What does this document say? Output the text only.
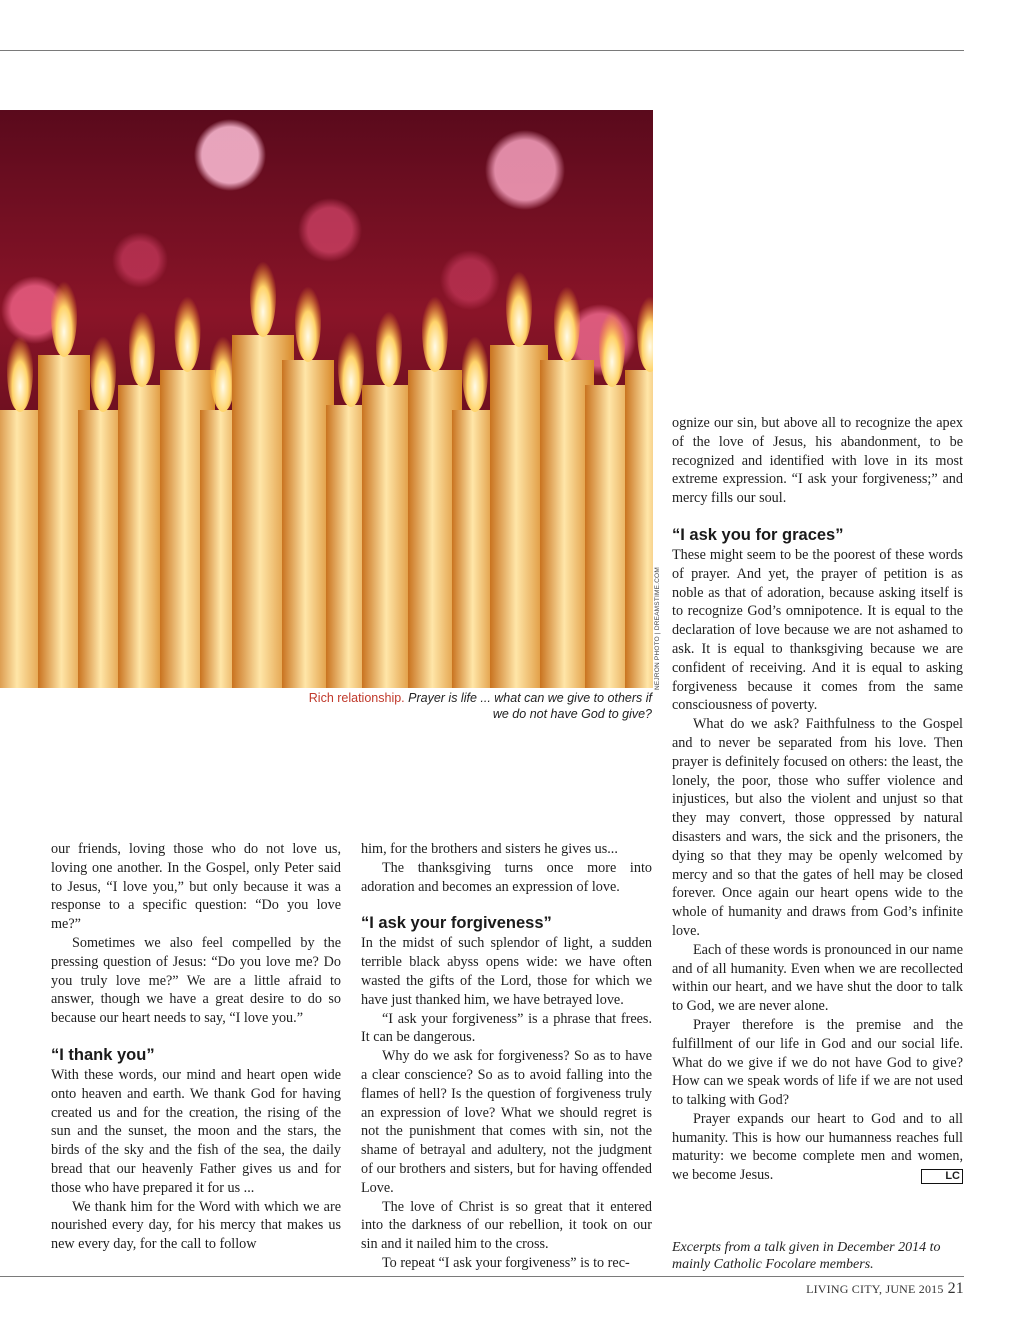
NEJRON PHOTO | DREAMSTIME.COM
Rich relationship. Prayer is life ... what can we give to others if we do not have God to give?

our friends, loving those who do not love us, loving one another. In the Gospel, only Peter said to Jesus, “I love you,” but only because it was a response to a specific question: “Do you love me?”

Sometimes we also feel compelled by the pressing question of Jesus: “Do you love me? Do you truly love me?” We are a little afraid to answer, though we have a great desire to do so because our heart needs to say, “I love you.”

“I thank you”

With these words, our mind and heart open wide onto heaven and earth. We thank God for having created us and for the creation, the rising of the sun and the sunset, the moon and the stars, the birds of the sky and the fish of the sea, the daily bread that our heavenly Father gives us and for those who have prepared it for us ...

We thank him for the Word with which we are nourished every day, for his mercy that makes us new every day, for the call to follow

him, for the brothers and sisters he gives us...

The thanksgiving turns once more into adoration and becomes an expression of love.

“I ask your forgiveness”

In the midst of such splendor of light, a sudden terrible black abyss opens wide: we have often wasted the gifts of the Lord, those for which we have just thanked him, we have betrayed love.

“I ask your forgiveness” is a phrase that frees. It can be dangerous.

Why do we ask for forgiveness? So as to have a clear conscience? So as to avoid falling into the flames of hell? Is the question of forgiveness truly an expression of love? What we should regret is not the punishment that comes with sin, not the shame of betrayal and adultery, not the judgment of our brothers and sisters, but for having offended Love.

The love of Christ is so great that it entered into the darkness of our rebellion, it took on our sin and it nailed him to the cross.

To repeat “I ask your forgiveness” is to rec-

ognize our sin, but above all to recognize the apex of the love of Jesus, his abandonment, to be recognized and identified with love in its most extreme expression. “I ask your forgiveness;” and mercy fills our soul.

“I ask you for graces”

These might seem to be the poorest of these words of prayer. And yet, the prayer of petition is as noble as that of adoration, because asking itself is to recognize God’s omnipotence. It is equal to the declaration of love because we are not ashamed to ask. It is equal to thanksgiving because we are confident of receiving. And it is equal to asking forgiveness because it comes from the same consciousness of poverty.

What do we ask? Faithfulness to the Gospel and to never be separated from his love. Then prayer is definitely focused on others: the least, the lonely, the poor, those who suffer violence and injustices, but also the violent and unjust so that they may convert, those oppressed by natural disasters and wars, the sick and the prisoners, the dying so that they may be openly welcomed by mercy and so that the gates of hell may be closed forever. Once again our heart opens wide to the whole of humanity and draws from God’s infinite love.

Each of these words is pronounced in our name and of all humanity. Even when we are recollected within our heart, and we have shut the door to talk to God, we are never alone.

Prayer therefore is the premise and the fulfillment of our life in God and our social life. What do we give if we do not have God to give? How can we speak words of life if we are not used to talking with God?

Prayer expands our heart to God and to all humanity. This is how our humanness reaches full maturity: we become complete men and women, we become Jesus.	LC

Excerpts from a talk given in December 2014 to mainly Catholic Focolare members.
LIVING CITY, JUNE 2015 21
